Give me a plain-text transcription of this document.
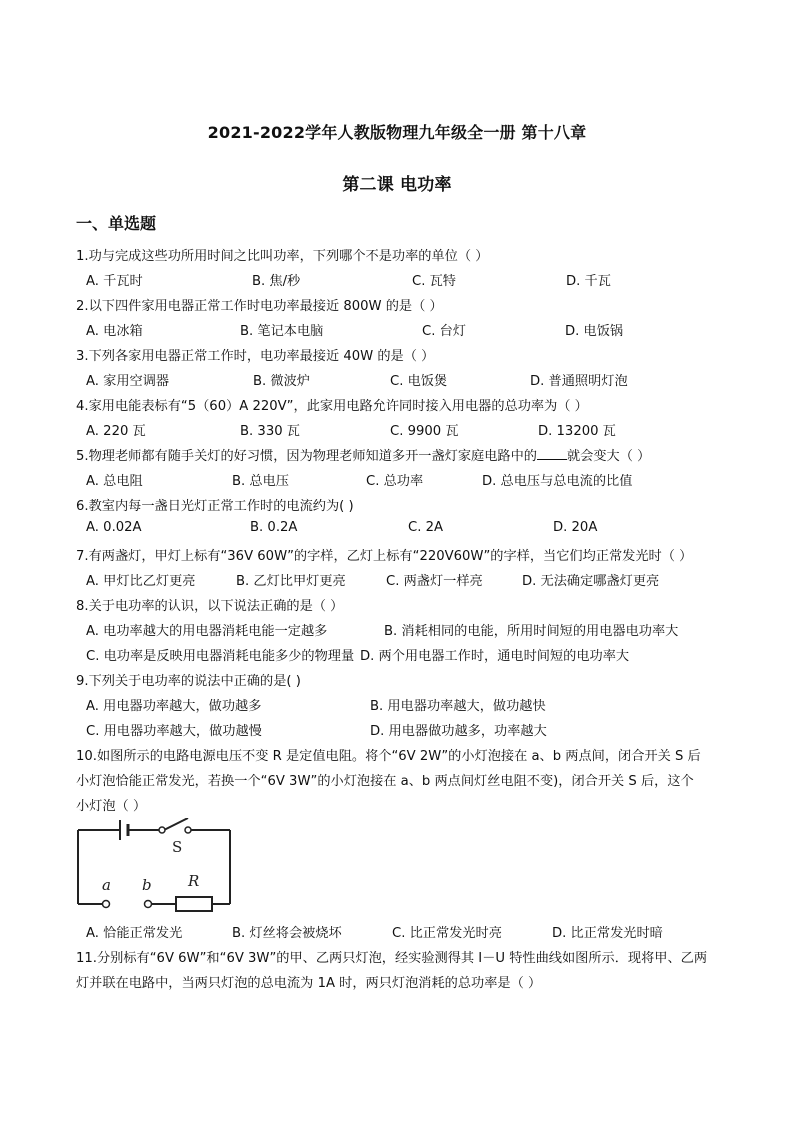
2021-2022学年人教版物理九年级全一册 第十八章
第二课 电功率
一、单选题
1.功与完成这些功所用时间之比叫功率，下列哪个不是功率的单位（ ）
A. 千瓦时	B. 焦/秒	C. 瓦特	D. 千瓦
2.以下四件家用电器正常工作时电功率最接近 800W 的是（ ）
A. 电冰箱	B. 笔记本电脑	C. 台灯	D. 电饭锅
3.下列各家用电器正常工作时，电功率最接近 40W 的是（ ）
A. 家用空调器	B. 微波炉	C. 电饭煲	D. 普通照明灯泡
4.家用电能表标有“5（60）A 220V”，此家用电路允许同时接入用电器的总功率为（ ）
A. 220 瓦	B. 330 瓦	C. 9900 瓦	D. 13200 瓦
5.物理老师都有随手关灯的好习惯，因为物理老师知道多开一盏灯家庭电路中的 就会变大（ ）
A. 总电阻	B. 总电压	C. 总功率	D. 总电压与总电流的比值
6.教室内每一盏日光灯正常工作时的电流约为( )
A. 0.02A	B. 0.2A	C. 2A	D. 20A
7.有两盏灯，甲灯上标有“36V 60W”的字样，乙灯上标有“220V60W”的字样，当它们均正常发光时（ ）
A. 甲灯比乙灯更亮	B. 乙灯比甲灯更亮	C. 两盏灯一样亮	D. 无法确定哪盏灯更亮
8.关于电功率的认识，以下说法正确的是（ ）
A. 电功率越大的用电器消耗电能一定越多	B. 消耗相同的电能，所用时间短的用电器电功率大
C. 电功率是反映用电器消耗电能多少的物理量 D. 两个用电器工作时，通电时间短的电功率大
9.下列关于电功率的说法中正确的是( )
A. 用电器功率越大，做功越多	B. 用电器功率越大，做功越快
C. 用电器功率越大，做功越慢	D. 用电器做功越多，功率越大
10.如图所示的电路电源电压不变 R 是定值电阻。将个“6V 2W”的小灯泡接在 a、b 两点间，闭合开关 S 后
小灯泡恰能正常发光，若换一个“6V 3W”的小灯泡接在 a、b 两点间灯丝电阻不变)，闭合开关 S 后，这个
小灯泡（ ）
S
a b R
A. 恰能正常发光	B. 灯丝将会被烧坏	C. 比正常发光时亮	D. 比正常发光时暗
11.分别标有“6V 6W”和“6V 3W”的甲、乙两只灯泡，经实验测得其 I－U 特性曲线如图所示．现将甲、乙两
灯并联在电路中，当两只灯泡的总电流为 1A 时，两只灯泡消耗的总功率是（ ）
